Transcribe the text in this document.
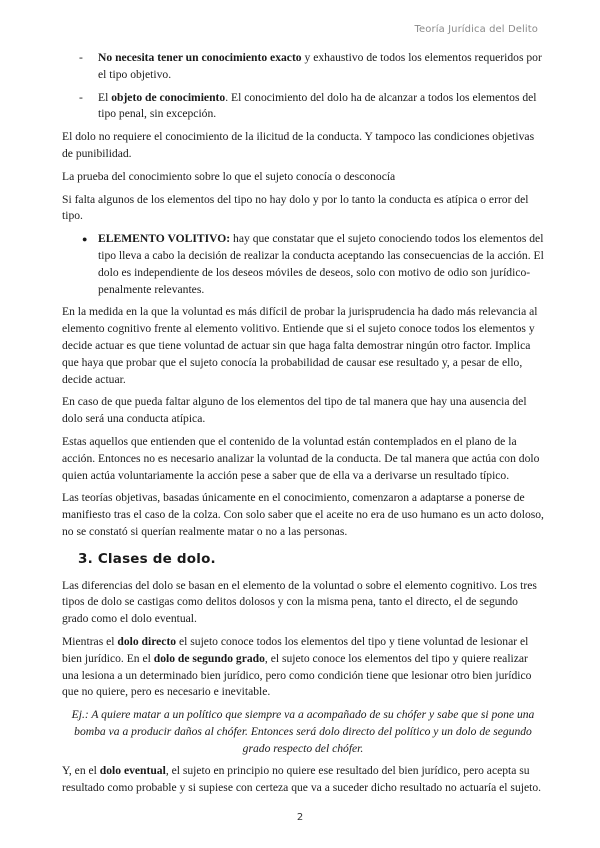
Teoría Jurídica del Delito
- No necesita tener un conocimiento exacto y exhaustivo de todos los elementos requeridos por el tipo objetivo.
- El objeto de conocimiento. El conocimiento del dolo ha de alcanzar a todos los elementos del tipo penal, sin excepción.

El dolo no requiere el conocimiento de la ilicitud de la conducta. Y tampoco las condiciones objetivas de punibilidad.

La prueba del conocimiento sobre lo que el sujeto conocía o desconocía

Si falta algunos de los elementos del tipo no hay dolo y por lo tanto la conducta es atípica o error del tipo.

● ELEMENTO VOLITIVO: hay que constatar que el sujeto conociendo todos los elementos del tipo lleva a cabo la decisión de realizar la conducta aceptando las consecuencias de la acción. El dolo es independiente de los deseos móviles de deseos, solo con motivo de odio son jurídico-penalmente relevantes.

En la medida en la que la voluntad es más difícil de probar la jurisprudencia ha dado más relevancia al elemento cognitivo frente al elemento volitivo. Entiende que si el sujeto conoce todos los elementos y decide actuar es que tiene voluntad de actuar sin que haga falta demostrar ningún otro factor. Implica que haya que probar que el sujeto conocía la probabilidad de causar ese resultado y, a pesar de ello, decide actuar.

En caso de que pueda faltar alguno de los elementos del tipo de tal manera que hay una ausencia del dolo será una conducta atípica.

Estas aquellos que entienden que el contenido de la voluntad están contemplados en el plano de la acción. Entonces no es necesario analizar la voluntad de la conducta. De tal manera que actúa con dolo quien actúa voluntariamente la acción pese a saber que de ella va a derivarse un resultado típico.

Las teorías objetivas, basadas únicamente en el conocimiento, comenzaron a adaptarse a ponerse de manifiesto tras el caso de la colza. Con solo saber que el aceite no era de uso humano es un acto doloso, no se constató si querían realmente matar o no a las personas.

3. Clases de dolo.

Las diferencias del dolo se basan en el elemento de la voluntad o sobre el elemento cognitivo. Los tres tipos de dolo se castigas como delitos dolosos y con la misma pena, tanto el directo, el de segundo grado como el dolo eventual.

Mientras el dolo directo el sujeto conoce todos los elementos del tipo y tiene voluntad de lesionar el bien jurídico. En el dolo de segundo grado, el sujeto conoce los elementos del tipo y quiere realizar una lesiona a un determinado bien jurídico, pero como condición tiene que lesionar otro bien jurídico que no quiere, pero es necesario e inevitable.

Ej.: A quiere matar a un político que siempre va a acompañado de su chófer y sabe que si pone una bomba va a producir daños al chófer. Entonces será dolo directo del político y un dolo de segundo grado respecto del chófer.

Y, en el dolo eventual, el sujeto en principio no quiere ese resultado del bien jurídico, pero acepta su resultado como probable y si supiese con certeza que va a suceder dicho resultado no actuaría el sujeto.

2
